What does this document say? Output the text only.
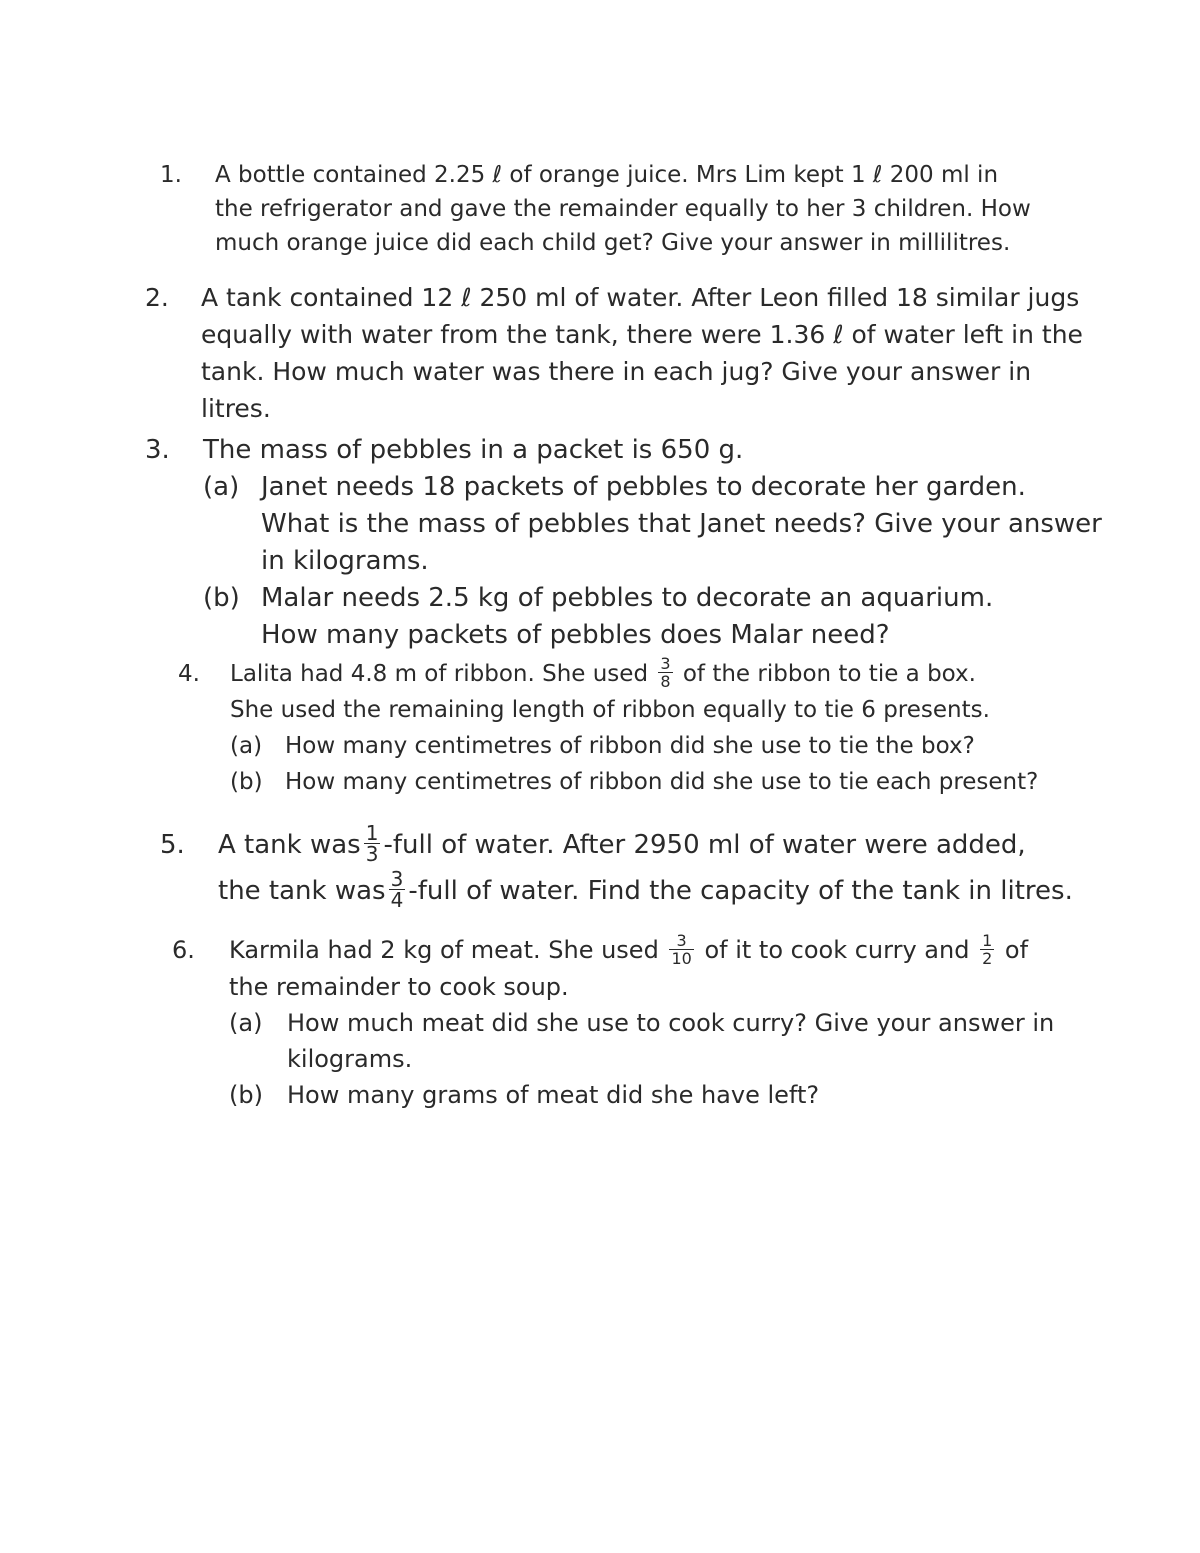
1. A bottle contained 2.25 ℓ of orange juice. Mrs Lim kept 1 ℓ 200 ml in
the refrigerator and gave the remainder equally to her 3 children. How
much orange juice did each child get? Give your answer in millilitres.
2. A tank contained 12 ℓ 250 ml of water. After Leon filled 18 similar jugs
equally with water from the tank, there were 1.36 ℓ of water left in the
tank. How much water was there in each jug? Give your answer in
litres.
3. The mass of pebbles in a packet is 650 g.
(a) Janet needs 18 packets of pebbles to decorate her garden.
What is the mass of pebbles that Janet needs? Give your answer
in kilograms.
(b) Malar needs 2.5 kg of pebbles to decorate an aquarium.
How many packets of pebbles does Malar need?
4. Lalita had 4.8 m of ribbon. She used $\frac{3}{8}$ of the ribbon to tie a box.
She used the remaining length of ribbon equally to tie 6 presents.
(a) How many centimetres of ribbon did she use to tie the box?
(b) How many centimetres of ribbon did she use to tie each present?
5. A tank was $\frac{1}{3}$ -full of water. After 2950 ml of water were added,
the tank was $\frac{3}{4}$ -full of water. Find the capacity of the tank in litres.
6. Karmila had 2 kg of meat. She used $\frac{3}{10}$ of it to cook curry and $\frac{1}{2}$ of
the remainder to cook soup.
(a)	How much meat did she use to cook curry? Give your answer in
kilograms.
(b)	How many grams of meat did she have left?
